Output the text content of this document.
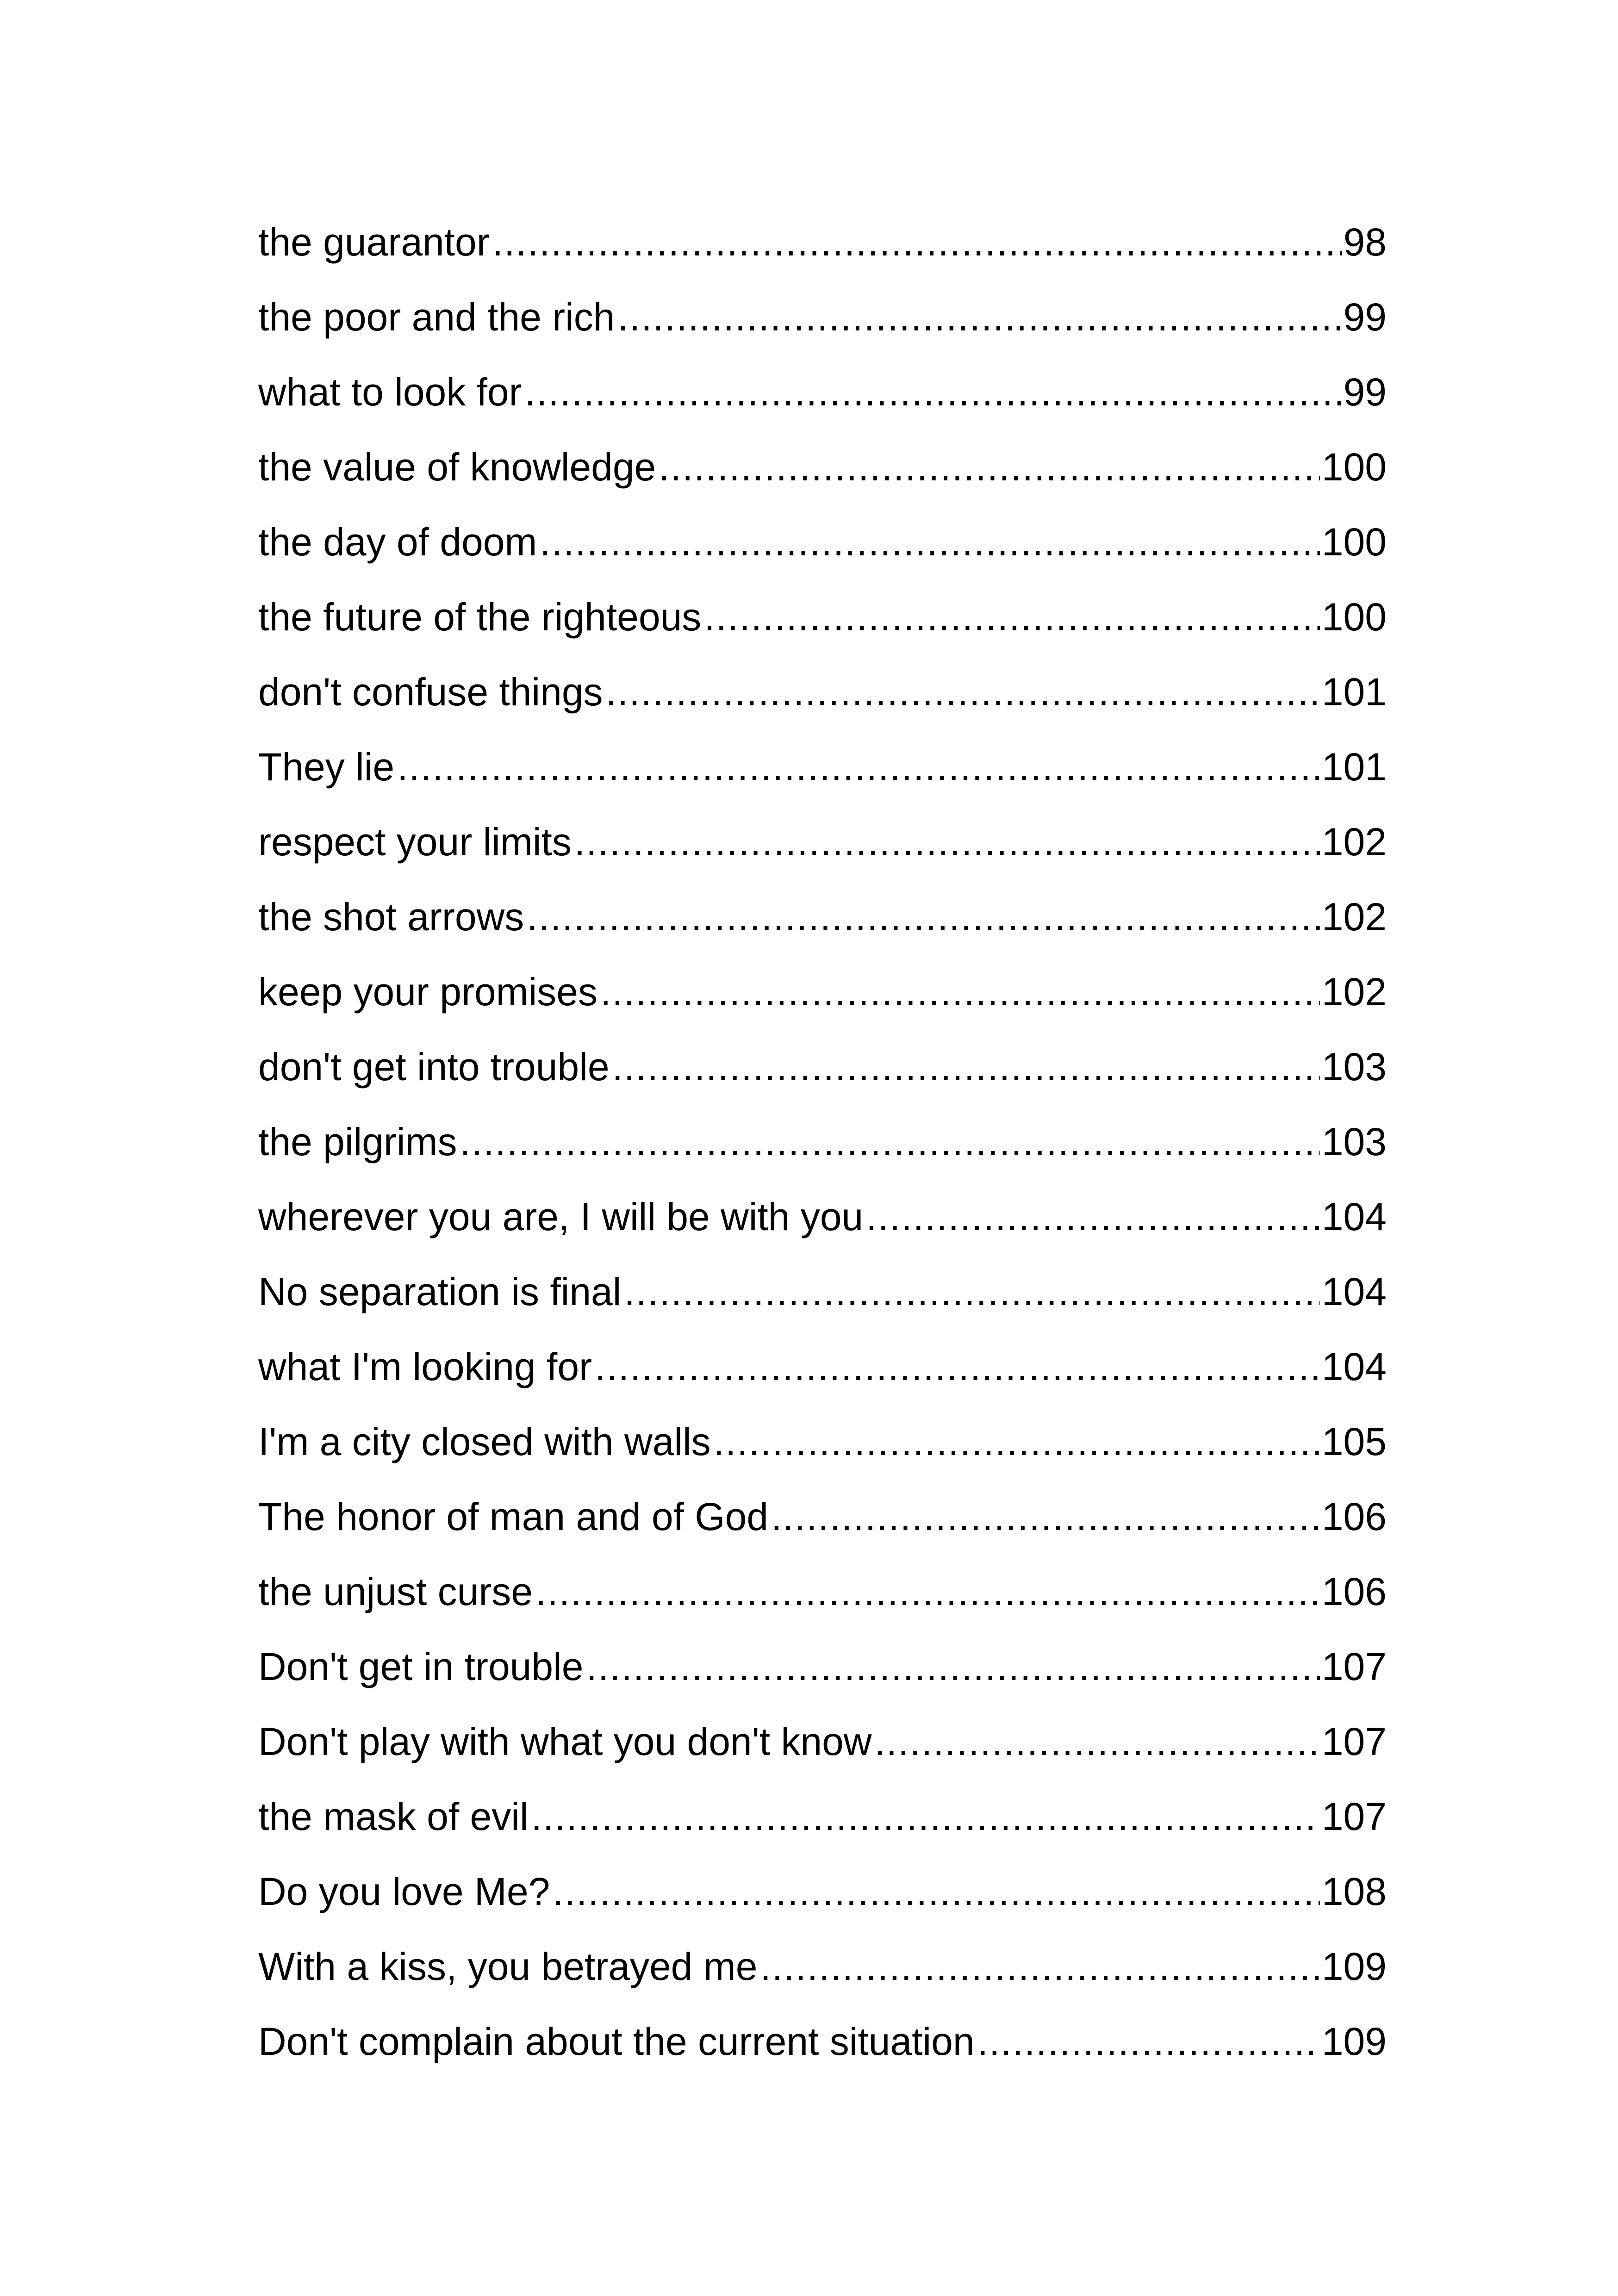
the guarantor .....	98
the poor and the rich .....	99
what to look for .....	99
the value of knowledge .....	100
the day of doom .....	100
the future of the righteous .....	100
don't confuse things .....	101
They lie .....	101
respect your limits .....	102
the shot arrows .....	102
keep your promises .....	102
don't get into trouble .....	103
the pilgrims .....	103
wherever you are, I will be with you .....	104
No separation is final .....	104
what I'm looking for .....	104
I'm a city closed with walls .....	105
The honor of man and of God .....	106
the unjust curse .....	106
Don't get in trouble .....	107
Don't play with what you don't know .....	107
the mask of evil .....	107
Do you love Me? .....	108
With a kiss, you betrayed me .....	109
Don't complain about the current situation .....	109
